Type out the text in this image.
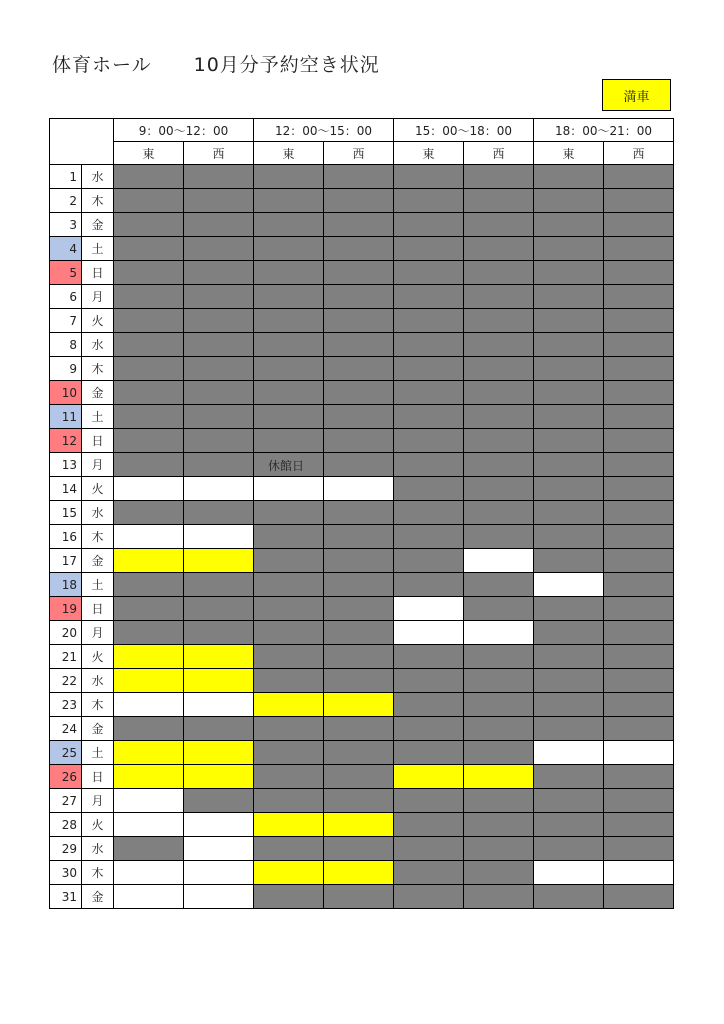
体育ホール 10月分予約空き状況
満車
		9：00〜12：00		12：00〜15：00		15：00〜18：00		18：00〜21：00	
		東	西	東	西	東	西	東	西
1	水								
2	木								
3	金								
4	土								
5	日								
6	月								
7	火								
8	水								
9	木								
10	金								
11	土								
12	日								
13	月			休館日					

14	火								
15	水								
16	木								
17	金								
18	土								
19	日								
20	月								
21	火								
22	水								
23	木								
24	金								
25	土								
26	日								
27	月								
28	火								
29	水								
30	木								
31	金								
